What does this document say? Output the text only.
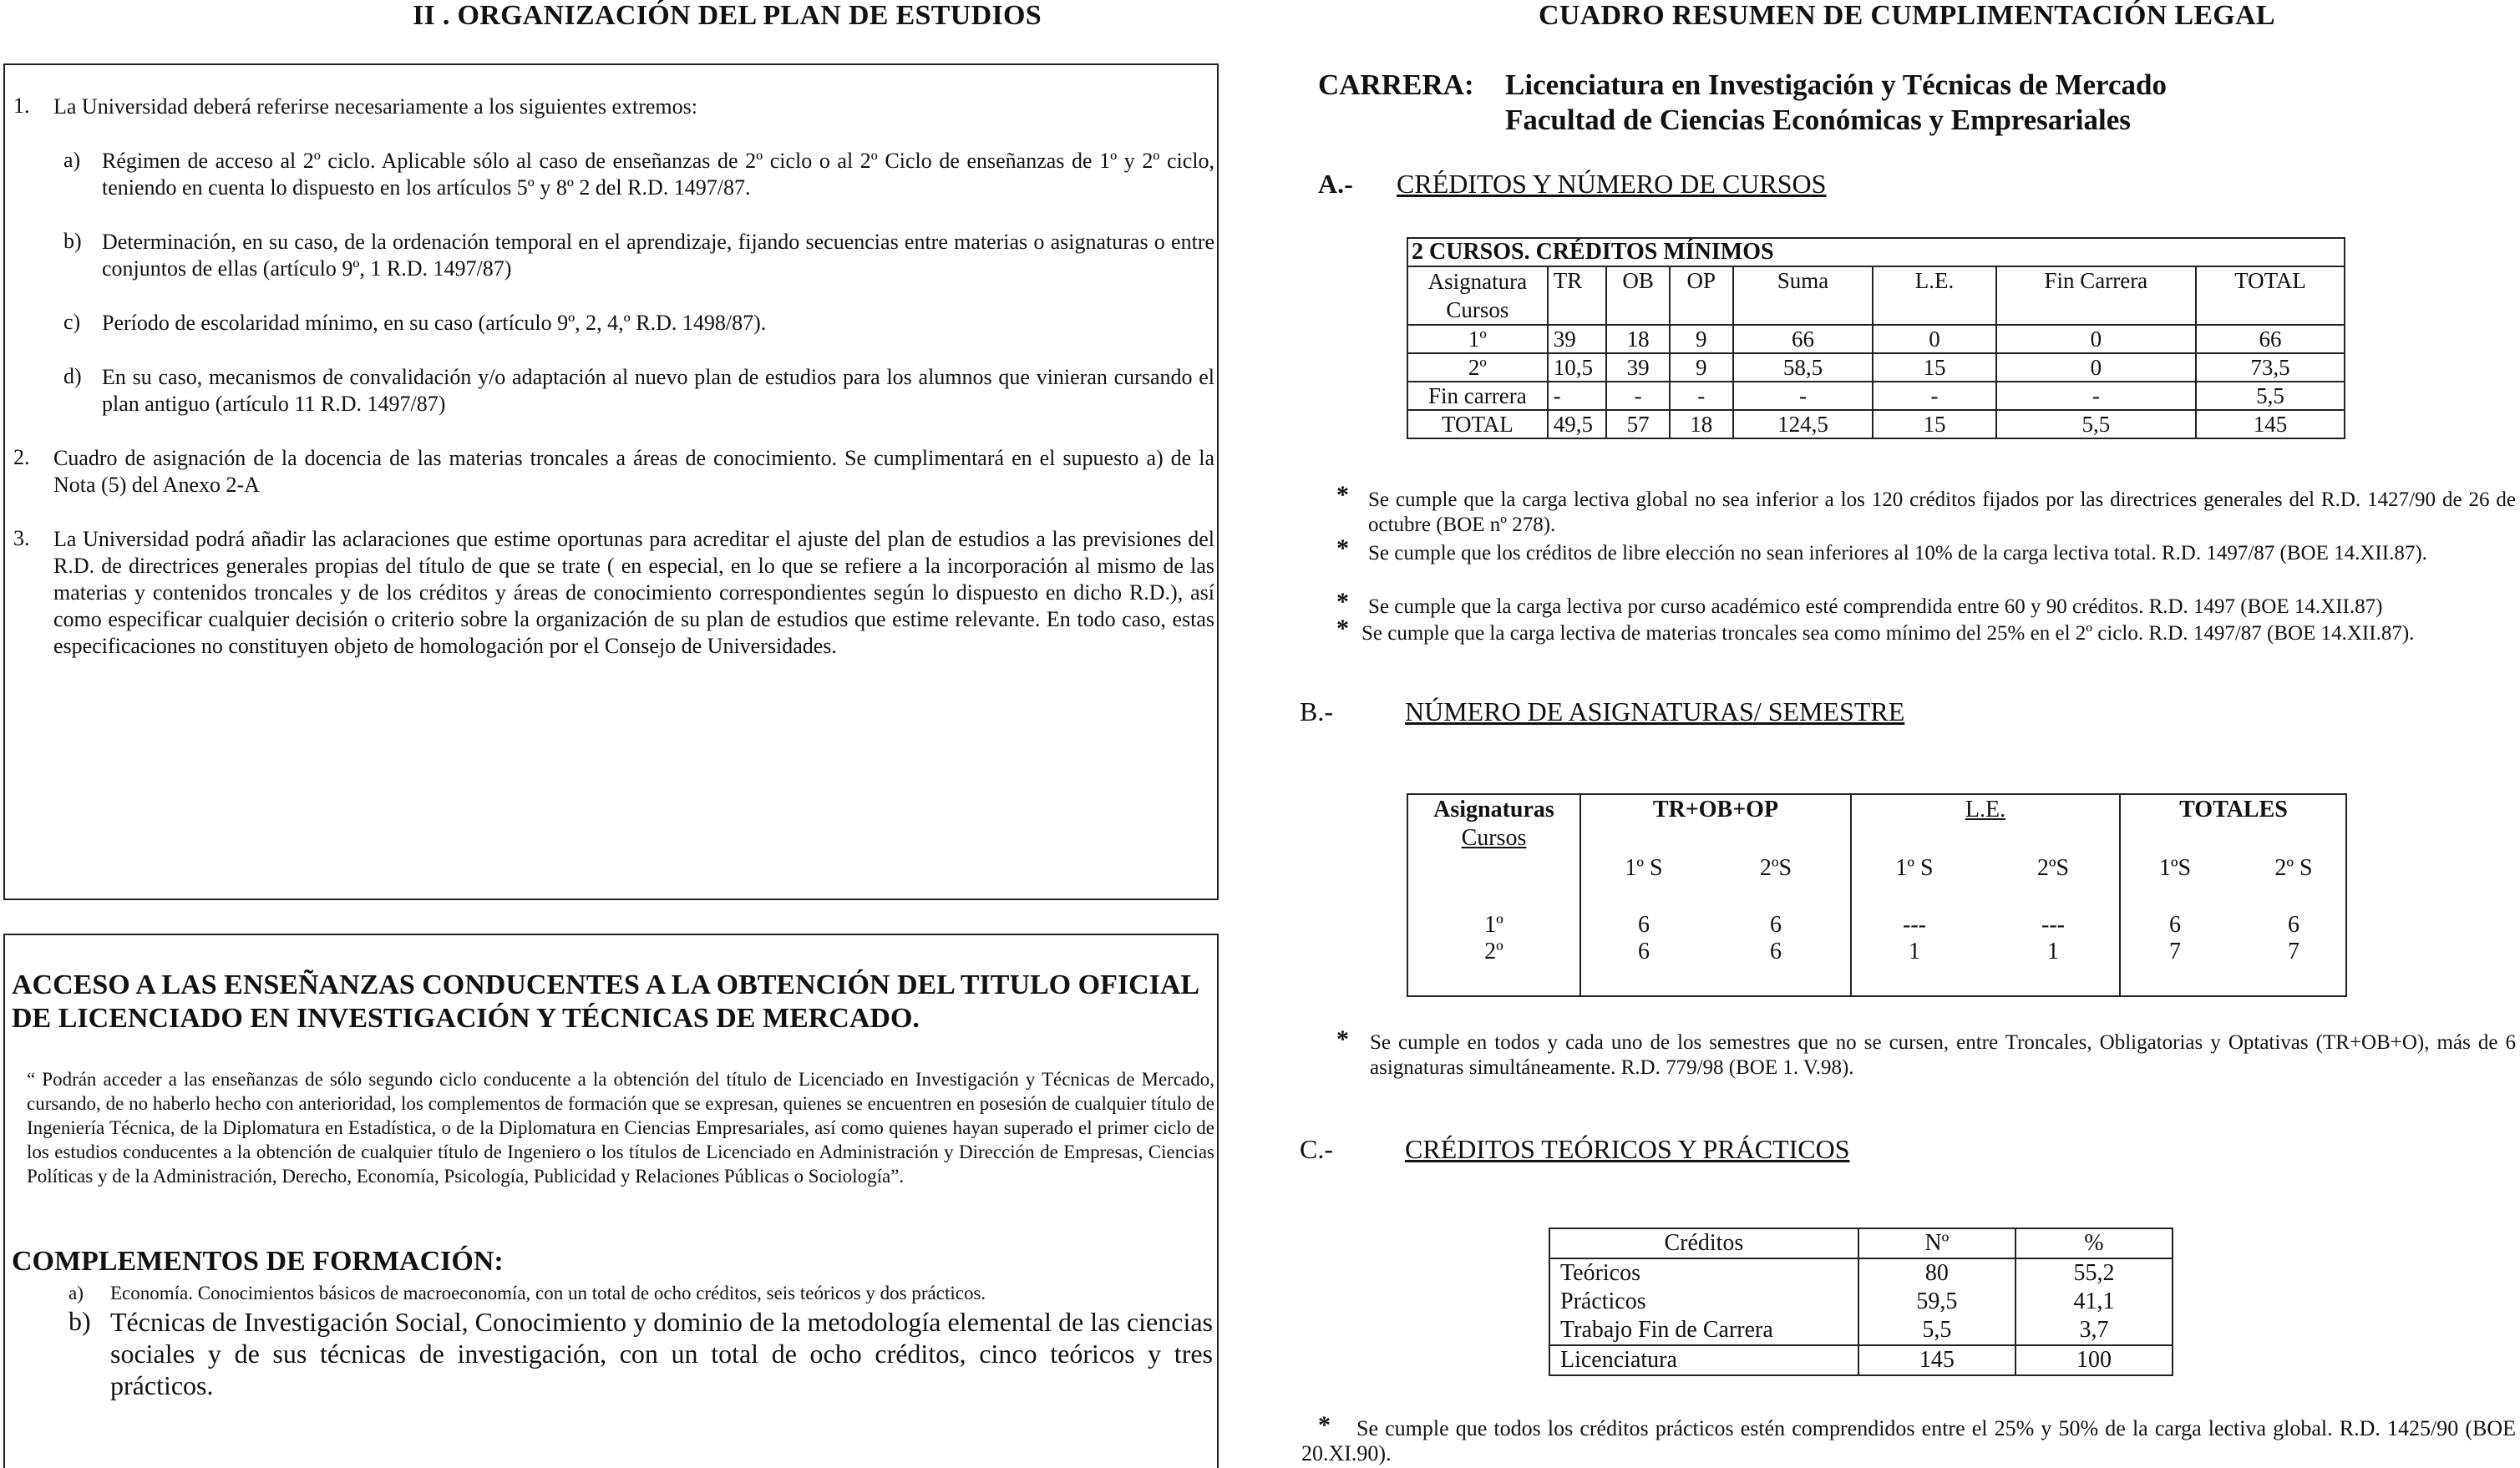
II . ORGANIZACIÓN DEL PLAN DE ESTUDIOS
1. La Universidad deberá referirse necesariamente a los siguientes extremos:
a) Régimen de acceso al 2º ciclo. Aplicable sólo al caso de enseñanzas de 2º ciclo o al 2º Ciclo de enseñanzas de 1º y 2º ciclo, teniendo en cuenta lo dispuesto en los artículos 5º y 8º 2 del R.D. 1497/87.
b) Determinación, en su caso, de la ordenación temporal en el aprendizaje, fijando secuencias entre materias o asignaturas o entre conjuntos de ellas (artículo 9º, 1 R.D. 1497/87)
c) Período de escolaridad mínimo, en su caso (artículo 9º, 2, 4,º R.D. 1498/87).
d) En su caso, mecanismos de convalidación y/o adaptación al nuevo plan de estudios para los alumnos que vinieran cursando el plan antiguo (artículo 11 R.D. 1497/87)
2. Cuadro de asignación de la docencia de las materias troncales a áreas de conocimiento. Se cumplimentará en el supuesto a) de la Nota (5) del Anexo 2-A
3. La Universidad podrá añadir las aclaraciones que estime oportunas para acreditar el ajuste del plan de estudios a las previsiones del R.D. de directrices generales propias del título de que se trate ( en especial, en lo que se refiere a la incorporación al mismo de las materias y contenidos troncales y de los créditos y áreas de conocimiento correspondientes según lo dispuesto en dicho R.D.), así como especificar cualquier decisión o criterio sobre la organización de su plan de estudios que estime relevante. En todo caso, estas especificaciones no constituyen objeto de homologación por el Consejo de Universidades.
ACCESO A LAS ENSEÑANZAS CONDUCENTES A LA OBTENCIÓN DEL TITULO OFICIAL DE LICENCIADO EN INVESTIGACIÓN Y TÉCNICAS DE MERCADO.
“ Podrán acceder a las enseñanzas de sólo segundo ciclo conducente a la obtención del título de Licenciado en Investigación y Técnicas de Mercado, cursando, de no haberlo hecho con anterioridad, los complementos de formación que se expresan, quienes se encuentren en posesión de cualquier título de Ingeniería Técnica, de la Diplomatura en Estadística, o de la Diplomatura en Ciencias Empresariales, así como quienes hayan superado el primer ciclo de los estudios conducentes a la obtención de cualquier título de Ingeniero o los títulos de Licenciado en Administración y Dirección de Empresas, Ciencias Políticas y de la Administración, Derecho, Economía, Psicología, Publicidad y Relaciones Públicas o Sociología”.
COMPLEMENTOS DE FORMACIÓN:
a) Economía. Conocimientos básicos de macroeconomía, con un total de ocho créditos, seis teóricos y dos prácticos.
b) Técnicas de Investigación Social, Conocimiento y dominio de la metodología elemental de las ciencias sociales y de sus técnicas de investigación, con un total de ocho créditos, cinco teóricos y tres prácticos.
CUADRO RESUMEN DE CUMPLIMENTACIÓN LEGAL
CARRERA: Licenciatura en Investigación y Técnicas de Mercado
Facultad de Ciencias Económicas y Empresariales
A.- CRÉDITOS Y NÚMERO DE CURSOS
2 CURSOS. CRÉDITOS MÍNIMOS							
Asignatura
Cursos	TR	OB	OP	Suma	L.E.	Fin Carrera	TOTAL
1º	39	18	9	66	0	0	66
2º	10,5	39	9	58,5	15	0	73,5
Fin carrera	-	-	-	-	-	-	5,5
TOTAL	49,5	57	18	124,5	15	5,5	145
* Se cumple que la carga lectiva global no sea inferior a los 120 créditos fijados por las directrices generales del R.D. 1427/90 de 26 de octubre (BOE nº 278).
* Se cumple que los créditos de libre elección no sean inferiores al 10% de la carga lectiva total. R.D. 1497/87 (BOE 14.XII.87).
* Se cumple que la carga lectiva por curso académico esté comprendida entre 60 y 90 créditos. R.D. 1497 (BOE 14.XII.87)
* Se cumple que la carga lectiva de materias troncales sea como mínimo del 25% en el 2º ciclo. R.D. 1497/87 (BOE 14.XII.87).
B.-	NÚMERO DE ASIGNATURAS/ SEMESTRE
Asignaturas
Cursos
TR+OB+OP	L.E.	TOTALES
1º S	2ºS	1º S	2ºS	1ºS	2º S
1º	6	6	---	---	6	6
2º	6	6	1	1	7	7
* Se cumple en todos y cada uno de los semestres que no se cursen, entre Troncales, Obligatorias y Optativas (TR+OB+O), más de 6 asignaturas simultáneamente. R.D. 779/98 (BOE 1. V.98).
C.-	CRÉDITOS TEÓRICOS Y PRÁCTICOS
Créditos	Nº	%
Teóricos	80	55,2
Prácticos	59,5	41,1
Trabajo Fin de Carrera	5,5	3,7
Licenciatura	145	100
*	Se cumple que todos los créditos prácticos estén comprendidos entre el 25% y 50% de la carga lectiva global. R.D. 1425/90 (BOE 20.XI.90).
